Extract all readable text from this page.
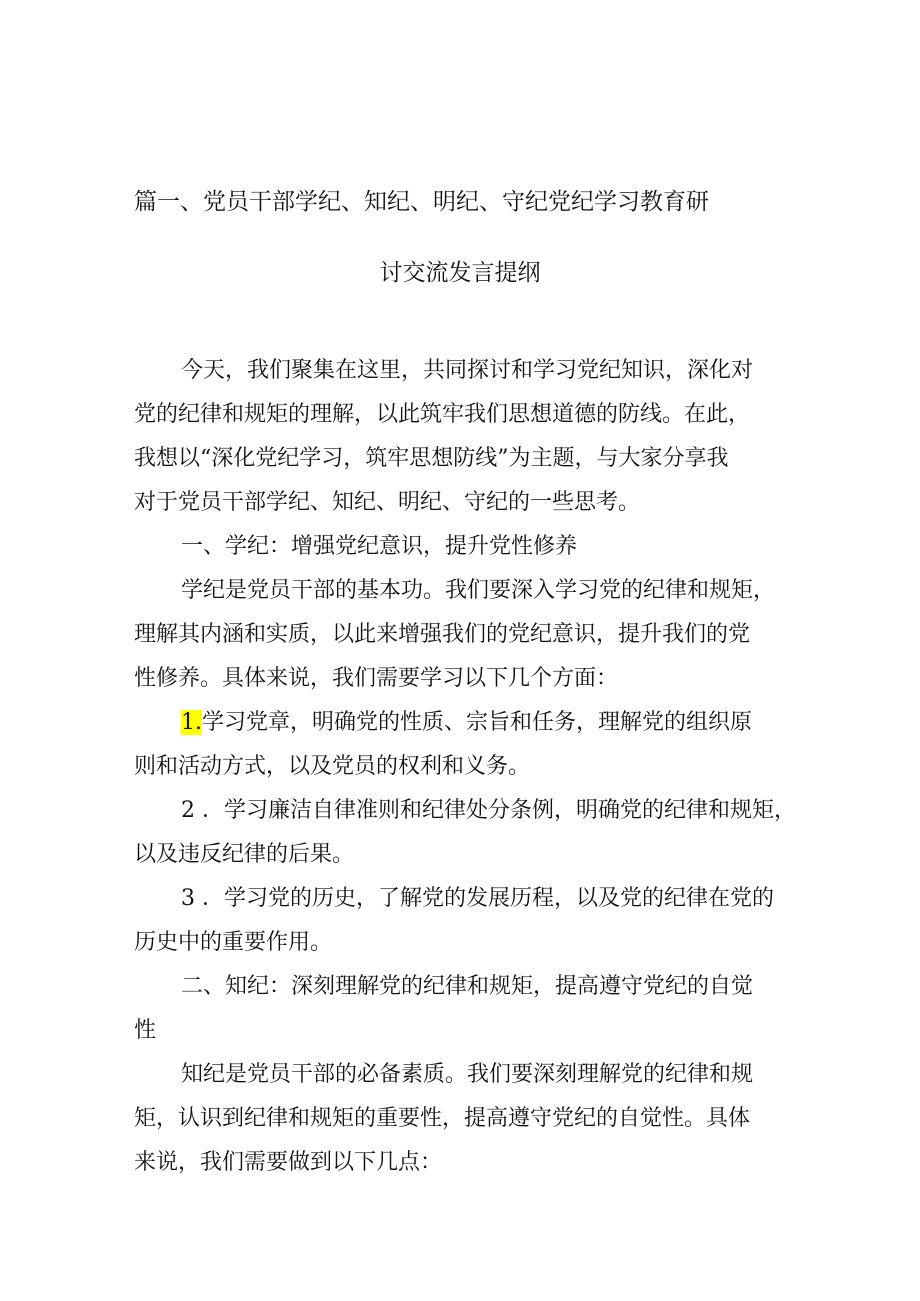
篇一、党员干部学纪、知纪、明纪、守纪党纪学习教育研
讨交流发言提纲
今天，我们聚集在这里，共同探讨和学习党纪知识，深化对
党的纪律和规矩的理解，以此筑牢我们思想道德的防线。在此，
我想以“深化党纪学习，筑牢思想防线”为主题，与大家分享我
对于党员干部学纪、知纪、明纪、守纪的一些思考。
一、学纪：增强党纪意识，提升党性修养
学纪是党员干部的基本功。我们要深入学习党的纪律和规矩，
理解其内涵和实质，以此来增强我们的党纪意识，提升我们的党
性修养。具体来说，我们需要学习以下几个方面：
1.学习党章，明确党的性质、宗旨和任务，理解党的组织原
则和活动方式，以及党员的权利和义务。
2 ．学习廉洁自律准则和纪律处分条例，明确党的纪律和规矩，
以及违反纪律的后果。
3 ．学习党的历史，了解党的发展历程，以及党的纪律在党的
历史中的重要作用。
二、知纪：深刻理解党的纪律和规矩，提高遵守党纪的自觉
性
知纪是党员干部的必备素质。我们要深刻理解党的纪律和规
矩，认识到纪律和规矩的重要性，提高遵守党纪的自觉性。具体
来说，我们需要做到以下几点：
